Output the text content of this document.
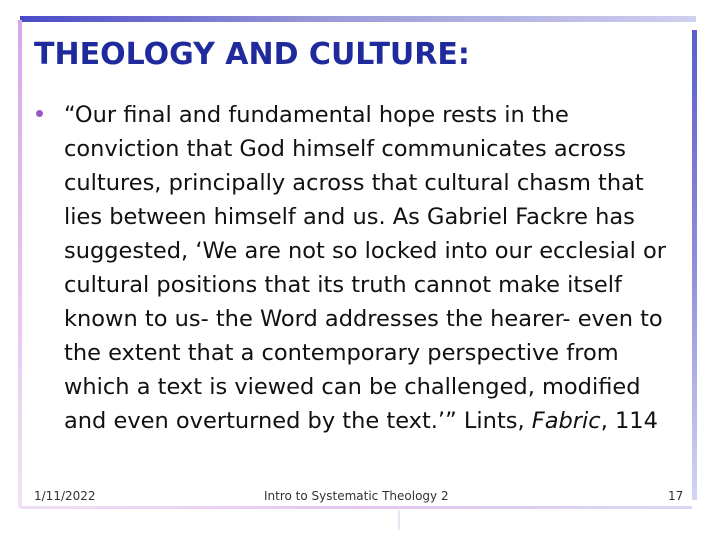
THEOLOGY AND CULTURE:

“Our final and fundamental hope rests in the conviction that God himself communicates across cultures, principally across that cultural chasm that lies between himself and us. As Gabriel Fackre has suggested, ‘We are not so locked into our ecclesial or cultural positions that its truth cannot make itself known to us- the Word addresses the hearer- even to the extent that a contemporary perspective from which a text is viewed can be challenged, modified and even overturned by the text.’” Lints, Fabric, 114

1/11/2022	Intro to Systematic Theology 2	17
